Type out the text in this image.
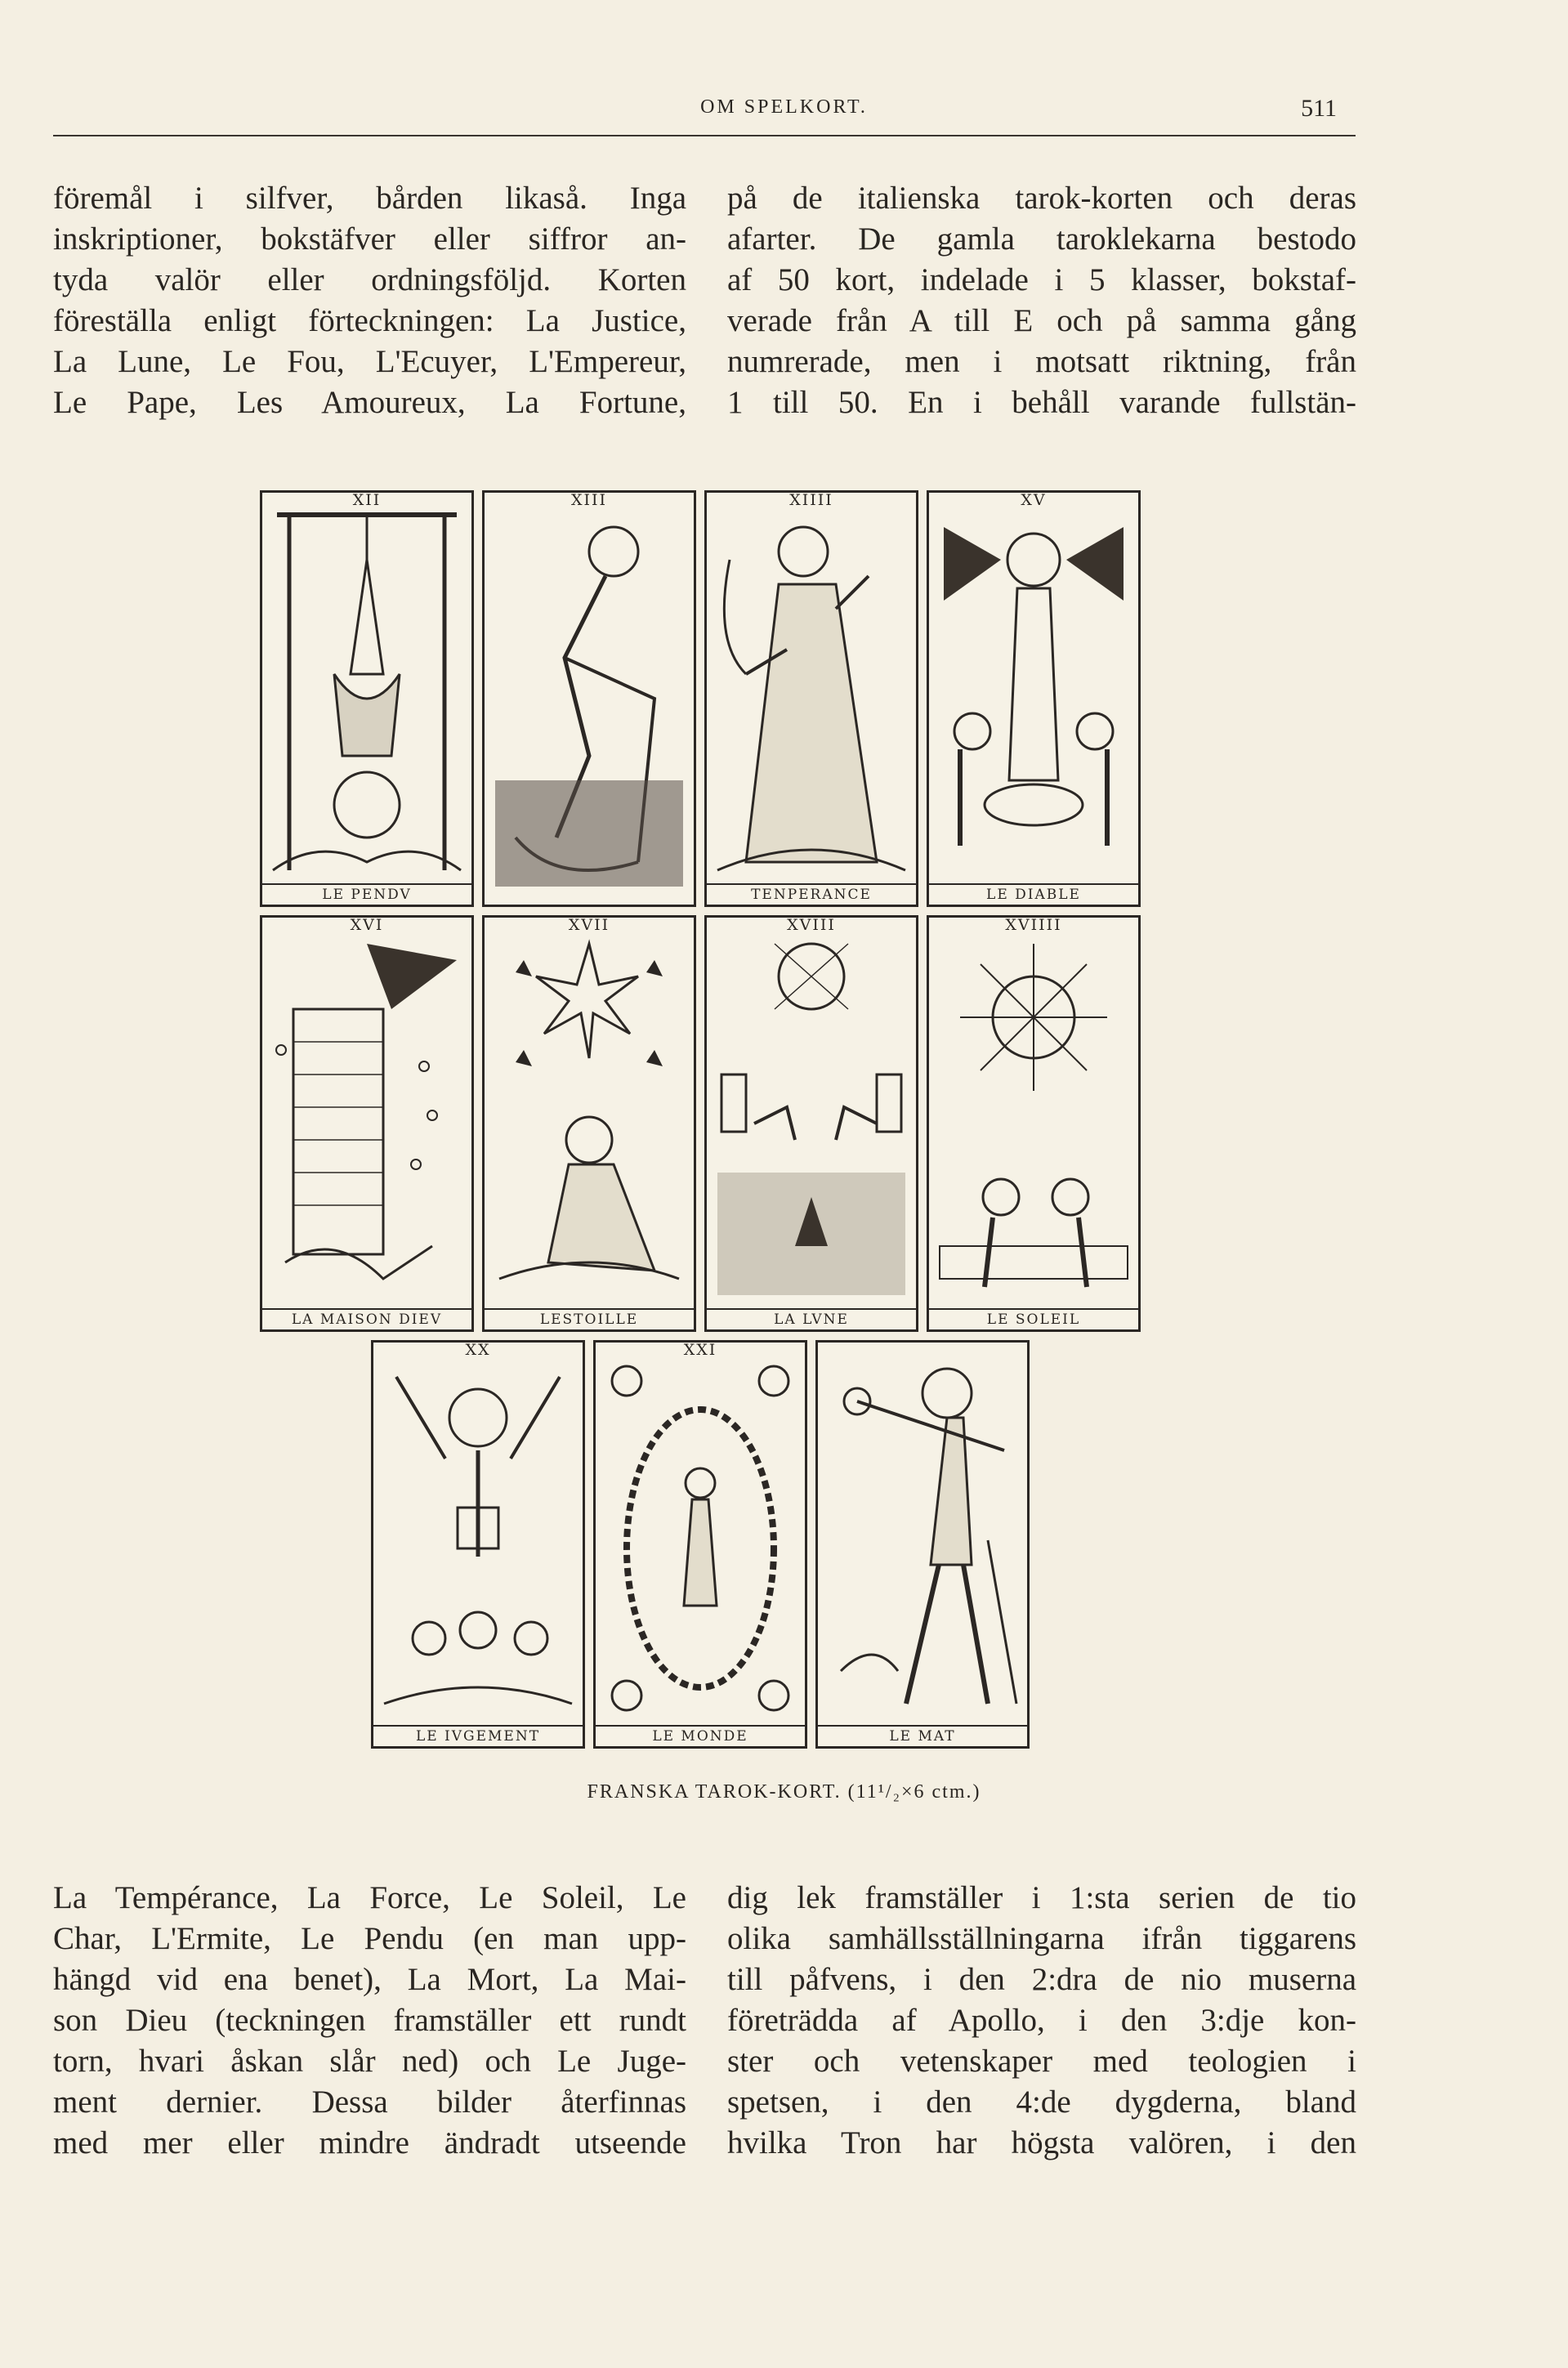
OM SPELKORT.	511
föremål i silfver, bården likaså. Inga
inskriptioner, bokstäfver eller siffror an-
tyda valör eller ordningsföljd. Korten
föreställa enligt förteckningen: La Justice,
La Lune, Le Fou, L'Ecuyer, L'Empereur,
Le Pape, Les Amoureux, La Fortune,
på de italienska tarok-korten och deras
afarter. De gamla taroklekarna bestodo
af 50 kort, indelade i 5 klasser, bokstaf-
verade från A till E och på samma gång
numrerade, men i motsatt riktning, från
1 till 50. En i behåll varande fullstän-
XII
LE PENDV
XIII	XIIII
TENPERANCE
XV
LE DIABLE
XVI
LA MAISON DIEV
XVII
LESTOILLE
XVIII
LA LVNE
XVIIII
LE SOLEIL
XX
LE IVGEMENT
XXI
LE MONDE	LE MAT
FRANSKA TAROK-KORT. (11¹/₂×6 ctm.)
La Tempérance, La Force, Le Soleil, Le
Char, L'Ermite, Le Pendu (en man upp-
hängd vid ena benet), La Mort, La Mai-
son Dieu (teckningen framställer ett rundt
torn, hvari åskan slår ned) och Le Juge-
ment dernier. Dessa bilder återfinnas
med mer eller mindre ändradt utseende
dig lek framställer i 1:sta serien de tio
olika samhällsställningarna ifrån tiggarens
till påfvens, i den 2:dra de nio muserna
företrädda af Apollo, i den 3:dje kon-
ster och vetenskaper med teologien i
spetsen, i den 4:de dygderna, bland
hvilka Tron har högsta valören, i den
